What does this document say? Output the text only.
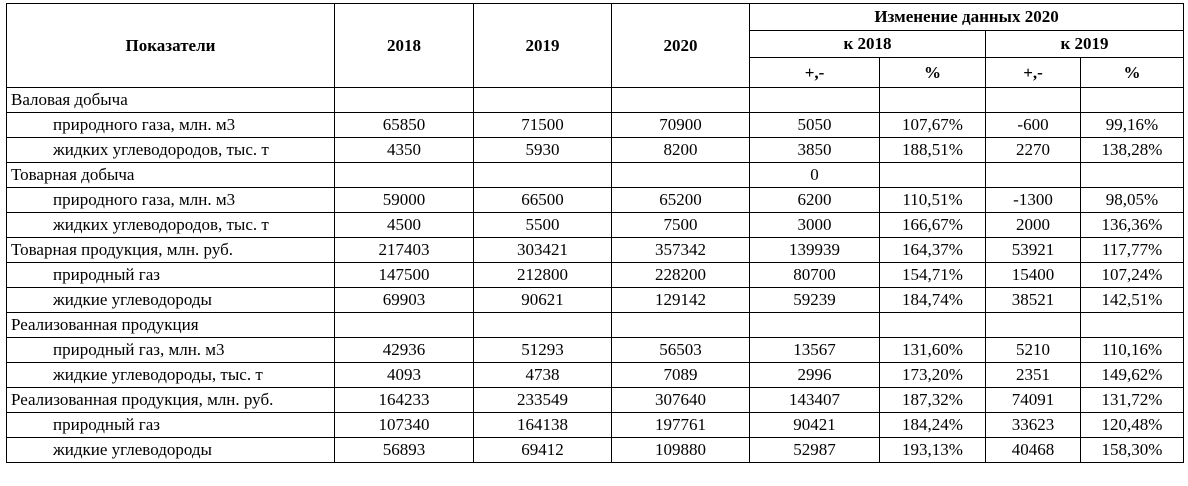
Показатели	2018	2019	2020	Изменение данных 2020			
				к 2018		к 2019	
				+,-	%	+,-	%
Валовая добыча							
природного газа, млн. м3	65850	71500	70900	5050	107,67%	-600	99,16%
жидких углеводородов, тыс. т	4350	5930	8200	3850	188,51%	2270	138,28%
Товарная добыча				0			
природного газа, млн. м3	59000	66500	65200	6200	110,51%	-1300	98,05%
жидких углеводородов, тыс. т	4500	5500	7500	3000	166,67%	2000	136,36%
Товарная продукция, млн. руб.	217403	303421	357342	139939	164,37%	53921	117,77%
природный газ	147500	212800	228200	80700	154,71%	15400	107,24%
жидкие углеводороды	69903	90621	129142	59239	184,74%	38521	142,51%
Реализованная продукция							
природный газ, млн. м3	42936	51293	56503	13567	131,60%	5210	110,16%
жидкие углеводороды, тыс. т	4093	4738	7089	2996	173,20%	2351	149,62%
Реализованная продукция, млн. руб.	164233	233549	307640	143407	187,32%	74091	131,72%
природный газ	107340	164138	197761	90421	184,24%	33623	120,48%
жидкие углеводороды	56893	69412	109880	52987	193,13%	40468	158,30%
